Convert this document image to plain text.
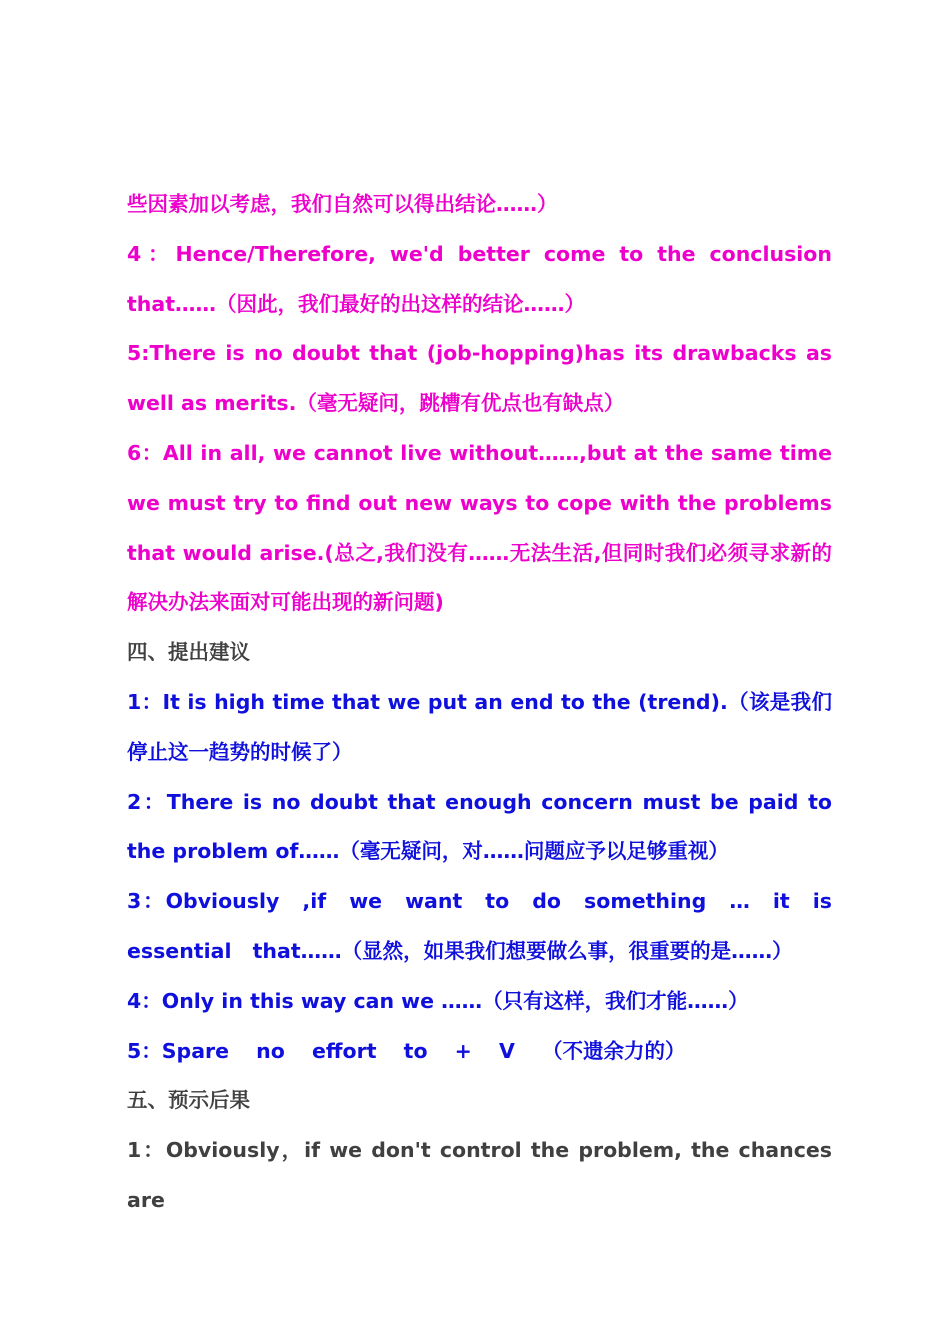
些因素加以考虑，我们自然可以得出结论……）

4：Hence/Therefore, we'd better come to the conclusion that……（因此，我们最好的出这样的结论……）

5:There is no doubt that (job-hopping)has its drawbacks as well as merits.（毫无疑问，跳槽有优点也有缺点）

6：All in all, we cannot live without……,but at the same time we must try to find out new ways to cope with the problems that would arise.(总之,我们没有……无法生活,但同时我们必须寻求新的解决办法来面对可能出现的新问题)

四、提出建议

1：It is high time that we put an end to the (trend).（该是我们停止这一趋势的时候了）

2：There is no doubt that enough concern must be paid to the problem of……（毫无疑问，对……问题应予以足够重视）

3：Obviously ,if we want to do something … it is essential that……（显然，如果我们想要做么事，很重要的是……）

4：Only in this way can we ……（只有这样，我们才能……）

5：Spare no effort to + V （不遗余力的）

五、预示后果

1：Obviously，if we don't control the problem, the chances are
